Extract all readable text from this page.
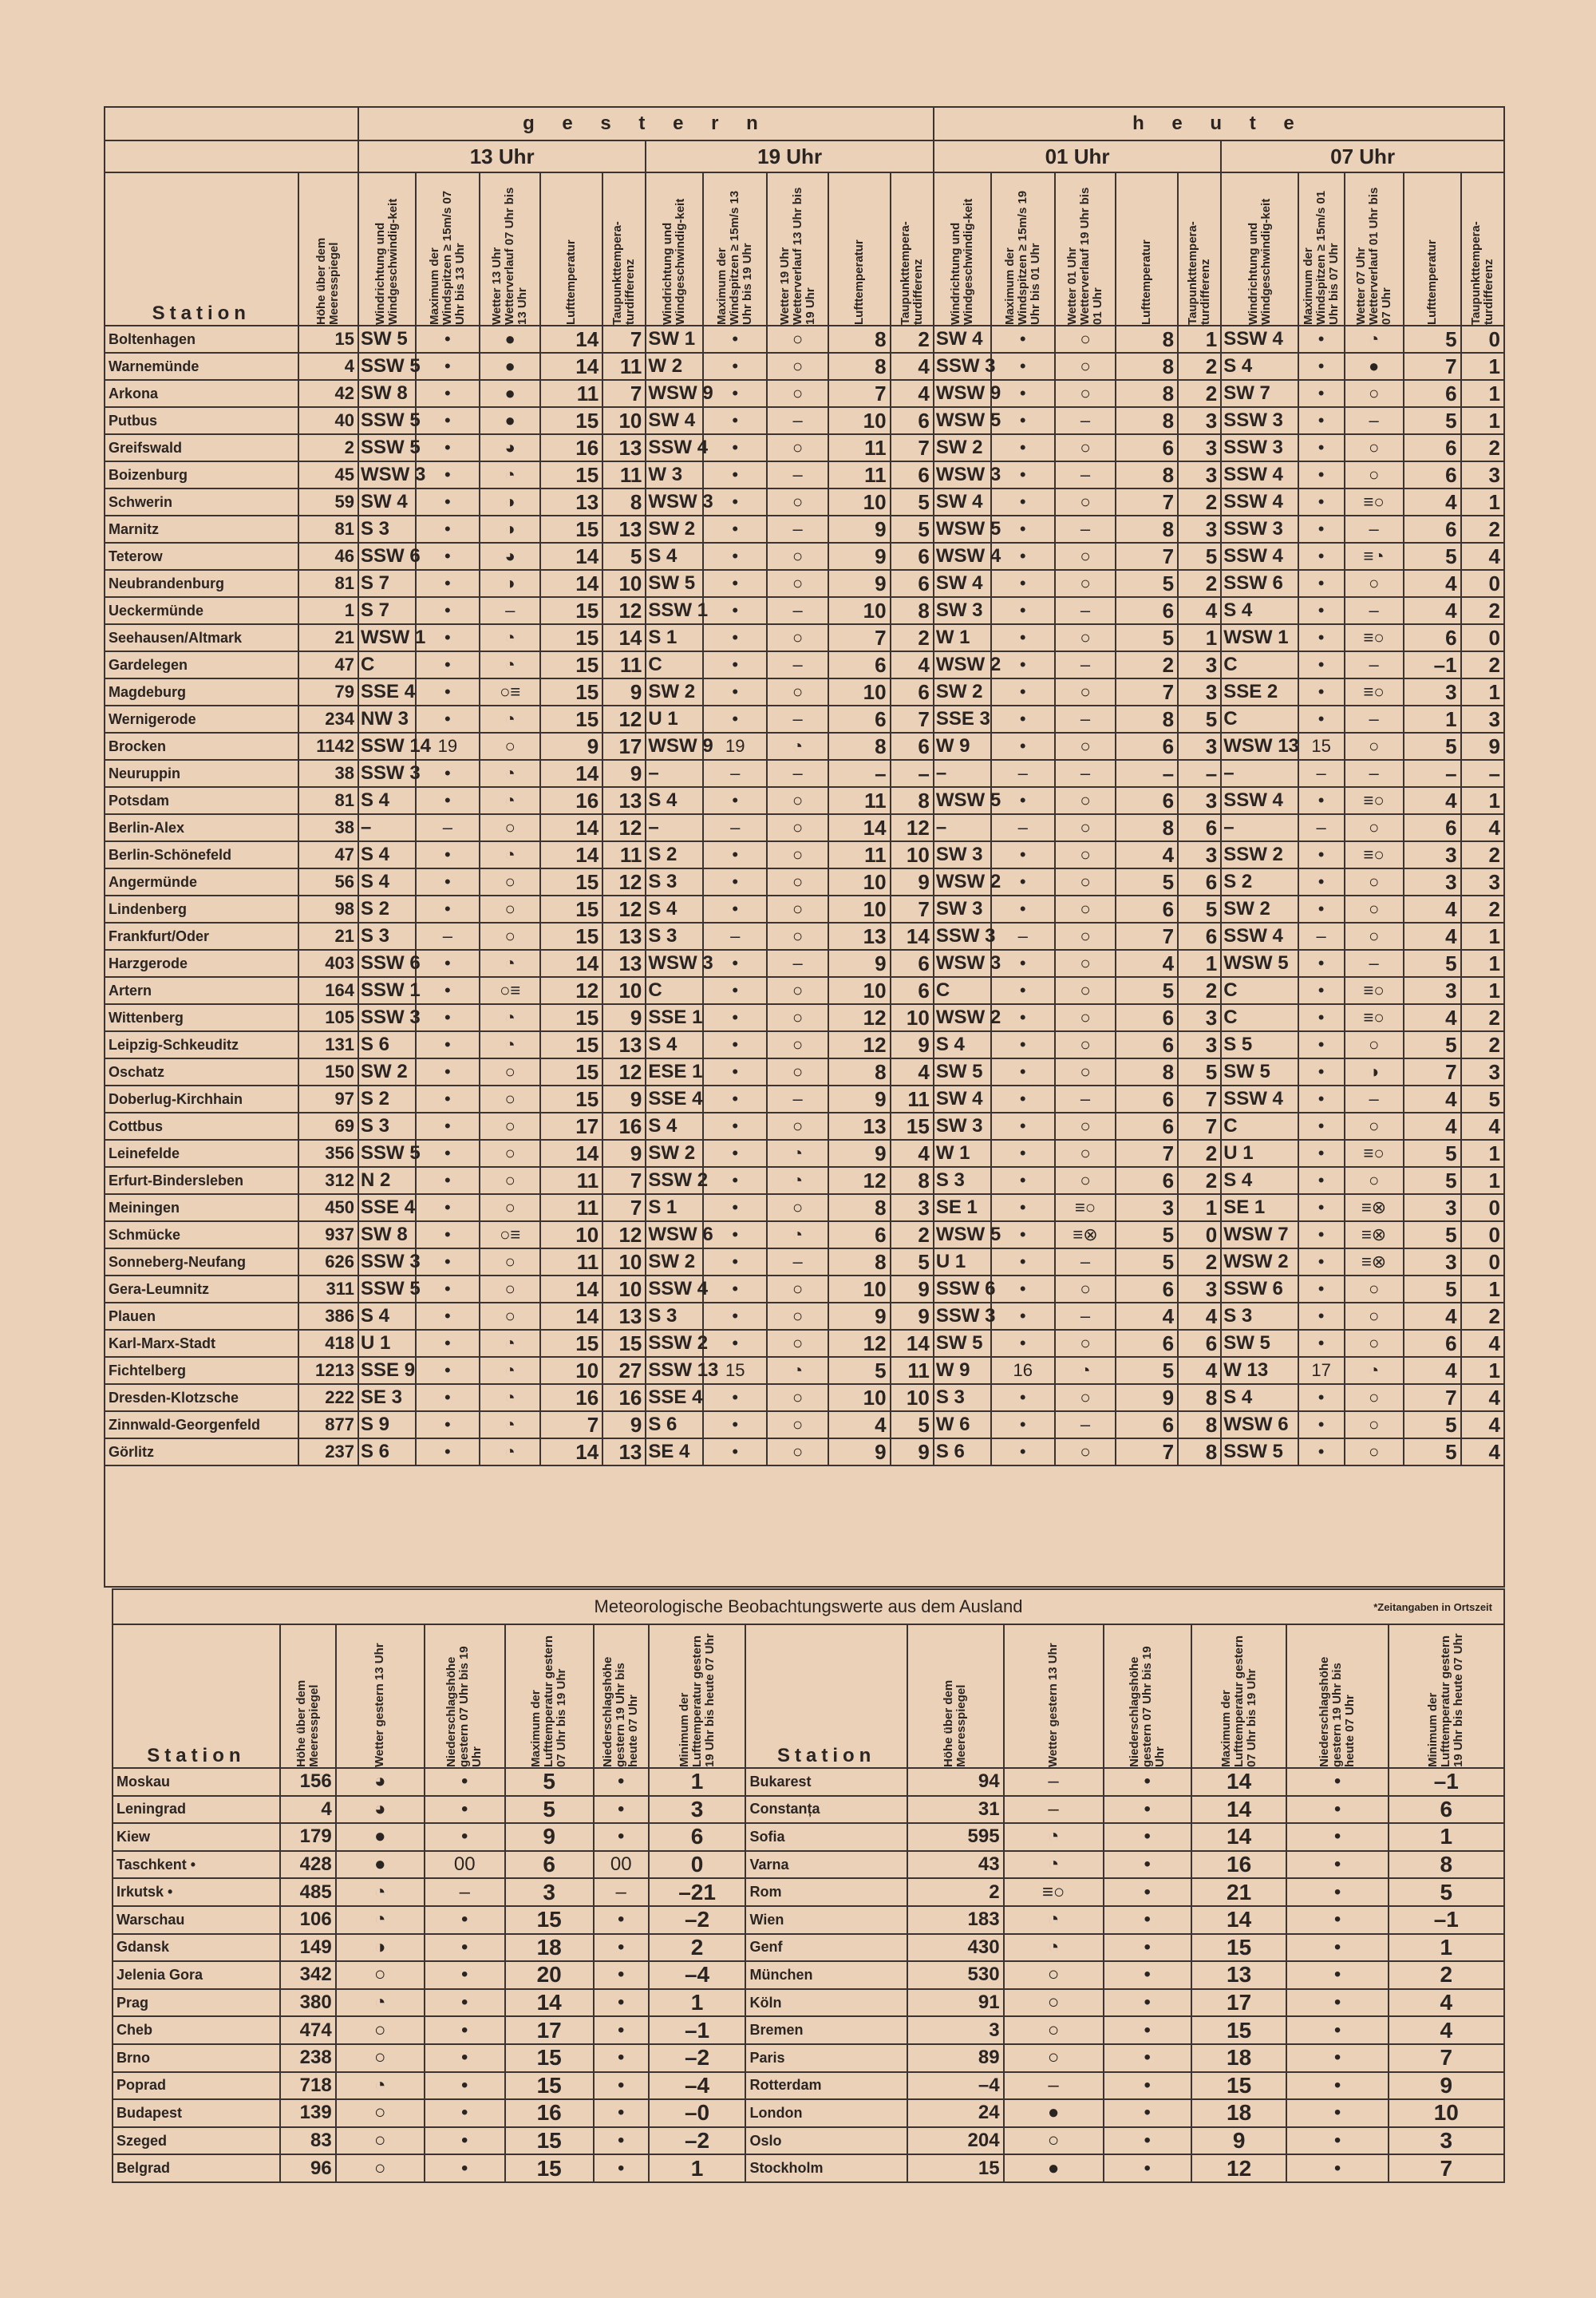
		g e s t e r n										h e u t e									
		13 Uhr					19 Uhr					01 Uhr					07 Uhr				
Station	Höhe über dem Meeresspiegel	Windrichtung und Windgeschwindig-keit	Maximum der Windspitzen ≥ 15m/s 07 Uhr bis 13 Uhr	Wetter 13 Uhr Wetterverlauf 07 Uhr bis 13 Uhr	Lufttemperatur	Taupunkttempera-turdifferenz	Windrichtung und Windgeschwindig-keit	Maximum der Windspitzen ≥ 15m/s 13 Uhr bis 19 Uhr	Wetter 19 Uhr Wetterverlauf 13 Uhr bis 19 Uhr	Lufttemperatur	Taupunkttempera-turdifferenz	Windrichtung und Windgeschwindig-keit	Maximum der Windspitzen ≥ 15m/s 19 Uhr bis 01 Uhr	Wetter 01 Uhr Wetterverlauf 19 Uhr bis 01 Uhr	Lufttemperatur	Taupunkttempera-turdifferenz	Windrichtung und Windgeschwindig-keit	Maximum der Windspitzen ≥ 15m/s 01 Uhr bis 07 Uhr	Wetter 07 Uhr Wetterverlauf 01 Uhr bis 07 Uhr	Lufttemperatur	Taupunkttempera-turdifferenz

Boltenhagen	15	SW 5	•	●	14	7	SW 1	•	○	8	2	SW 4	•	○	8	1	SSW 4	•	◔	5	0
Warnemünde	4	SSW 5	•	●	14	11	W 2	•	○	8	4	SSW 3	•	○	8	2	S 4	•	●	7	1
Arkona	42	SW 8	•	●	11	7	WSW 9	•	○	7	4	WSW 9	•	○	8	2	SW 7	•	○	6	1
Putbus	40	SSW 5	•	●	15	10	SW 4	•	–	10	6	WSW 5	•	–	8	3	SSW 3	•	–	5	1
Greifswald	2	SSW 5	•	◕	16	13	SSW 4	•	○	11	7	SW 2	•	○	6	3	SSW 3	•	○	6	2
Boizenburg	45	WSW 3	•	◔	15	11	W 3	•	–	11	6	WSW 3	•	–	8	3	SSW 4	•	○	6	3
Schwerin	59	SW 4	•	◑	13	8	WSW 3	•	○	10	5	SW 4	•	○	7	2	SSW 4	•	≡○	4	1
Marnitz	81	S 3	•	◑	15	13	SW 2	•	–	9	5	WSW 5	•	–	8	3	SSW 3	•	–	6	2
Teterow	46	SSW 6	•	◕	14	5	S 4	•	○	9	6	WSW 4	•	○	7	5	SSW 4	•	≡◔	5	4
Neubrandenburg	81	S 7	•	◑	14	10	SW 5	•	○	9	6	SW 4	•	○	5	2	SSW 6	•	○	4	0
Ueckermünde	1	S 7	•	–	15	12	SSW 1	•	–	10	8	SW 3	•	–	6	4	S 4	•	–	4	2
Seehausen/Altmark	21	WSW 1	•	◔	15	14	S 1	•	○	7	2	W 1	•	○	5	1	WSW 1	•	≡○	6	0
Gardelegen	47	C	•	◔	15	11	C	•	–	6	4	WSW 2	•	–	2	3	C	•	–	–1	2
Magdeburg	79	SSE 4	•	○≡	15	9	SW 2	•	○	10	6	SW 2	•	○	7	3	SSE 2	•	≡○	3	1
Wernigerode	234	NW 3	•	◔	15	12	U 1	•	–	6	7	SSE 3	•	–	8	5	C	•	–	1	3
Brocken	1142	SSW 14	19	○	9	17	WSW 9	19	◔	8	6	W 9	•	○	6	3	WSW 13	15	○	5	9
Neuruppin	38	SSW 3	•	◔	14	9	–	–	–	–	–	–	–	–	–	–	–	–	–	–	–
Potsdam	81	S 4	•	◔	16	13	S 4	•	○	11	8	WSW 5	•	○	6	3	SSW 4	•	≡○	4	1
Berlin-Alex	38	–	–	○	14	12	–	–	○	14	12	–	–	○	8	6	–	–	○	6	4
Berlin-Schönefeld	47	S 4	•	◔	14	11	S 2	•	○	11	10	SW 3	•	○	4	3	SSW 2	•	≡○	3	2
Angermünde	56	S 4	•	○	15	12	S 3	•	○	10	9	WSW 2	•	○	5	6	S 2	•	○	3	3
Lindenberg	98	S 2	•	○	15	12	S 4	•	○	10	7	SW 3	•	○	6	5	SW 2	•	○	4	2
Frankfurt/Oder	21	S 3	–	○	15	13	S 3	–	○	13	14	SSW 3	–	○	7	6	SSW 4	–	○	4	1
Harzgerode	403	SSW 6	•	◔	14	13	WSW 3	•	–	9	6	WSW 3	•	○	4	1	WSW 5	•	–	5	1
Artern	164	SSW 1	•	○≡	12	10	C	•	○	10	6	C	•	○	5	2	C	•	≡○	3	1
Wittenberg	105	SSW 3	•	◔	15	9	SSE 1	•	○	12	10	WSW 2	•	○	6	3	C	•	≡○	4	2
Leipzig-Schkeuditz	131	S 6	•	◔	15	13	S 4	•	○	12	9	S 4	•	○	6	3	S 5	•	○	5	2
Oschatz	150	SW 2	•	○	15	12	ESE 1	•	○	8	4	SW 5	•	○	8	5	SW 5	•	◑	7	3
Doberlug-Kirchhain	97	S 2	•	○	15	9	SSE 4	•	–	9	11	SW 4	•	–	6	7	SSW 4	•	–	4	5
Cottbus	69	S 3	•	○	17	16	S 4	•	○	13	15	SW 3	•	○	6	7	C	•	○	4	4
Leinefelde	356	SSW 5	•	○	14	9	SW 2	•	◔	9	4	W 1	•	○	7	2	U 1	•	≡○	5	1
Erfurt-Bindersleben	312	N 2	•	○	11	7	SSW 2	•	◔	12	8	S 3	•	○	6	2	S 4	•	○	5	1
Meiningen	450	SSE 4	•	○	11	7	S 1	•	○	8	3	SE 1	•	≡○	3	1	SE 1	•	≡⊗	3	0
Schmücke	937	SW 8	•	○≡	10	12	WSW 6	•	◔	6	2	WSW 5	•	≡⊗	5	0	WSW 7	•	≡⊗	5	0
Sonneberg-Neufang	626	SSW 3	•	○	11	10	SW 2	•	–	8	5	U 1	•	–	5	2	WSW 2	•	≡⊗	3	0
Gera-Leumnitz	311	SSW 5	•	○	14	10	SSW 4	•	○	10	9	SSW 6	•	○	6	3	SSW 6	•	○	5	1
Plauen	386	S 4	•	○	14	13	S 3	•	○	9	9	SSW 3	•	–	4	4	S 3	•	○	4	2
Karl-Marx-Stadt	418	U 1	•	◔	15	15	SSW 2	•	○	12	14	SW 5	•	○	6	6	SW 5	•	○	6	4
Fichtelberg	1213	SSE 9	•	◔	10	27	SSW 13	15	◔	5	11	W 9	16	◔	5	4	W 13	17	◔	4	1
Dresden-Klotzsche	222	SE 3	•	◔	16	16	SSE 4	•	○	10	10	S 3	•	○	9	8	S 4	•	○	7	4
Zinnwald-Georgenfeld	877	S 9	•	◔	7	9	S 6	•	○	4	5	W 6	•	–	6	8	WSW 6	•	○	5	4
Görlitz	237	S 6	•	◔	14	13	SE 4	•	○	9	9	S 6	•	○	7	8	SSW 5	•	○	5	4

Meteorologische Beobachtungswerte aus dem Ausland *Zeitangaben in Ortszeit													

Station	Höhe über dem Meeresspiegel	Wetter gestern 13 Uhr	Niederschlagshöhe gestern 07 Uhr bis 19 Uhr	Maximum der Lufttemperatur gestern 07 Uhr bis 19 Uhr	Niederschlagshöhe gestern 19 Uhr bis heute 07 Uhr	Minimum der Lufttemperatur gestern 19 Uhr bis heute 07 Uhr	Station	Höhe über dem Meeresspiegel	Wetter gestern 13 Uhr	Niederschlagshöhe gestern 07 Uhr bis 19 Uhr	Maximum der Lufttemperatur gestern 07 Uhr bis 19 Uhr	Niederschlagshöhe gestern 19 Uhr bis heute 07 Uhr	Minimum der Lufttemperatur gestern 19 Uhr bis heute 07 Uhr

Moskau	156	◕	•	5	•	1	Bukarest	94	–	•	14	•	–1
Leningrad	4	◕	•	5	•	3	Constanța	31	–	•	14	•	6
Kiew	179	●	•	9	•	6	Sofia	595	◔	•	14	•	1
Taschkent •	428	●	00	6	00	0	Varna	43	◔	•	16	•	8
Irkutsk •	485	◔	–	3	–	–21	Rom	2	≡○	•	21	•	5
Warschau	106	◔	•	15	•	–2	Wien	183	◔	•	14	•	–1
Gdansk	149	◑	•	18	•	2	Genf	430	◔	•	15	•	1
Jelenia Gora	342	○	•	20	•	–4	München	530	○	•	13	•	2
Prag	380	◔	•	14	•	1	Köln	91	○	•	17	•	4
Cheb	474	○	•	17	•	–1	Bremen	3	○	•	15	•	4
Brno	238	○	•	15	•	–2	Paris	89	○	•	18	•	7
Poprad	718	◔	•	15	•	–4	Rotterdam	–4	–	•	15	•	9
Budapest	139	○	•	16	•	–0	London	24	●	•	18	•	10
Szeged	83	○	•	15	•	–2	Oslo	204	○	•	9	•	3
Belgrad	96	○	•	15	•	1	Stockholm	15	●	•	12	•	7
